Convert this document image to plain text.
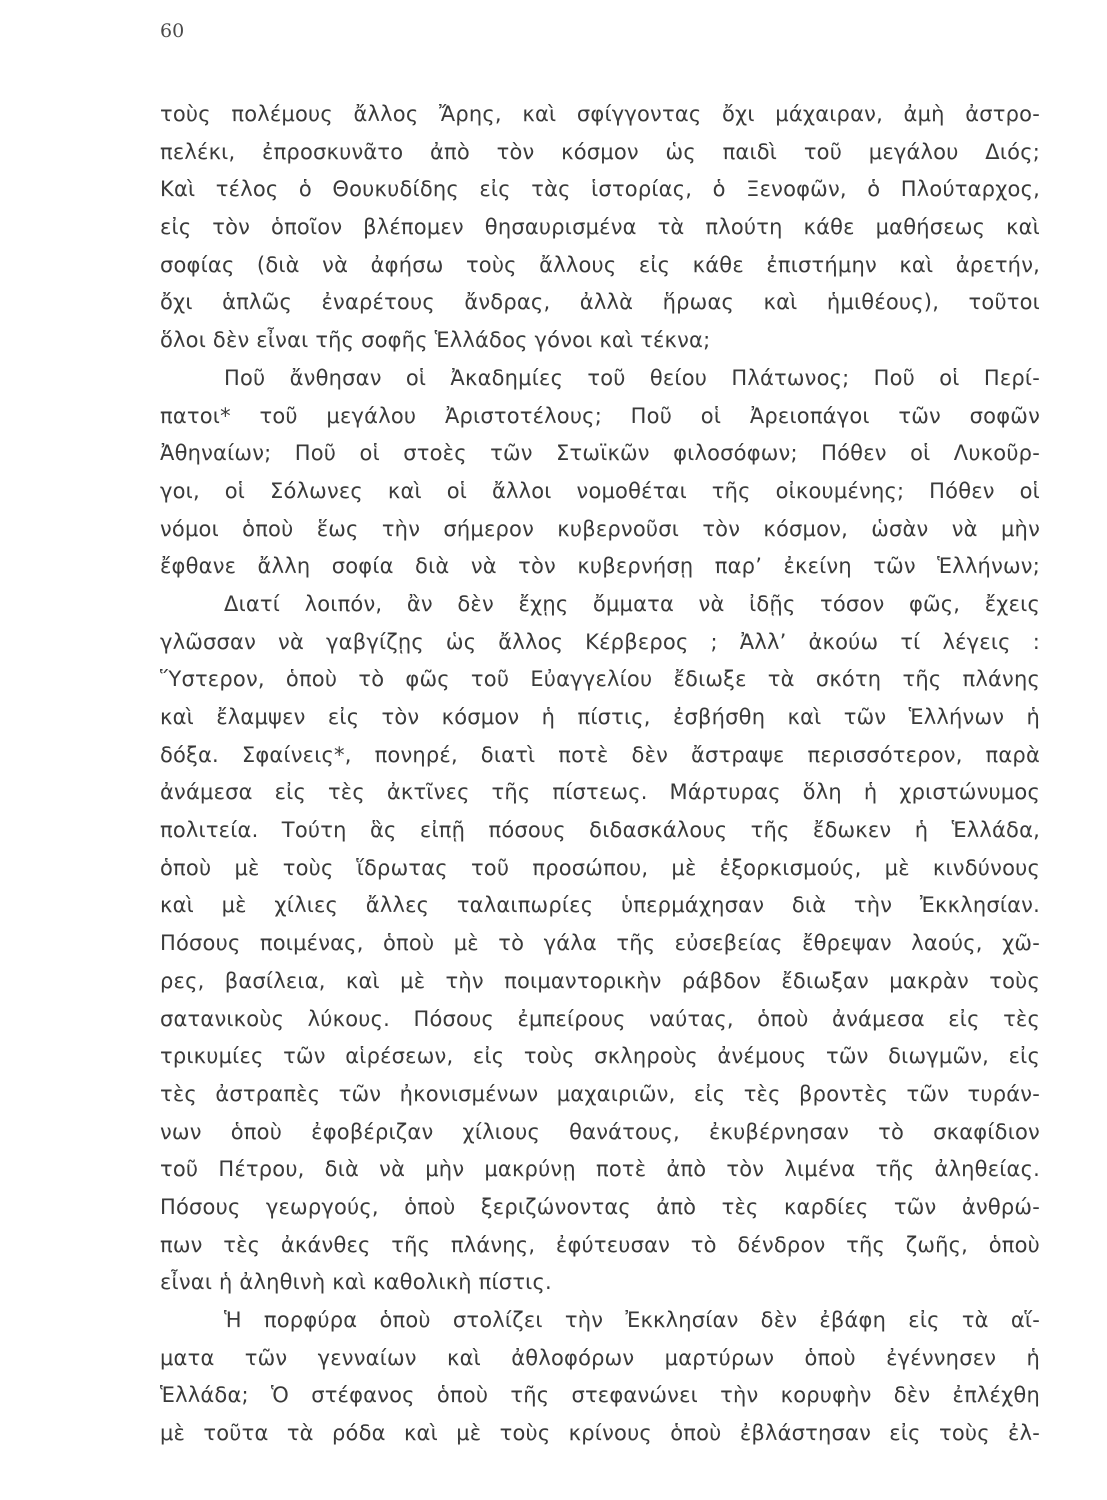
60
τοὺς πολέμους ἄλλος Ἄρης, καὶ σφίγγοντας ὄχι μάχαιραν, ἀμὴ ἀστρο-
πελέκι, ἐπροσκυνᾶτο ἀπὸ τὸν κόσμον ὡς παιδὶ τοῦ μεγάλου Διός;
Καὶ τέλος ὁ Θουκυδίδης εἰς τὰς ἱστορίας, ὁ Ξενοφῶν, ὁ Πλούταρχος,
εἰς τὸν ὁποῖον βλέπομεν θησαυρισμένα τὰ πλούτη κάθε μαθήσεως καὶ
σοφίας (διὰ νὰ ἀφήσω τοὺς ἄλλους εἰς κάθε ἐπιστήμην καὶ ἀρετήν,
ὄχι ἁπλῶς ἐναρέτους ἄνδρας, ἀλλὰ ἥρωας καὶ ἡμιθέους), τοῦτοι
ὅλοι δὲν εἶναι τῆς σοφῆς Ἑλλάδος γόνοι καὶ τέκνα;
Ποῦ ἄνθησαν οἱ Ἀκαδημίες τοῦ θείου Πλάτωνος; Ποῦ οἱ Περί-
πατοι* τοῦ μεγάλου Ἀριστοτέλους; Ποῦ οἱ Ἀρειοπάγοι τῶν σοφῶν
Ἀθηναίων; Ποῦ οἱ στοὲς τῶν Στωϊκῶν φιλοσόφων; Πόθεν οἱ Λυκοῦρ-
γοι, οἱ Σόλωνες καὶ οἱ ἄλλοι νομοθέται τῆς οἰκουμένης; Πόθεν οἱ
νόμοι ὁποὺ ἕως τὴν σήμερον κυβερνοῦσι τὸν κόσμον, ὡσὰν νὰ μὴν
ἔφθανε ἄλλη σοφία διὰ νὰ τὸν κυβερνήσῃ παρ’ ἐκείνη τῶν Ἑλλήνων;
Διατί λοιπόν, ἂν δὲν ἔχῃς ὄμματα νὰ ἰδῇς τόσον φῶς, ἔχεις
γλῶσσαν νὰ γαβγίζῃς ὡς ἄλλος Κέρβερος ; Ἀλλ’ ἀκούω τί λέγεις :
Ὕστερον, ὁποὺ τὸ φῶς τοῦ Εὐαγγελίου ἔδιωξε τὰ σκότη τῆς πλάνης
καὶ ἔλαμψεν εἰς τὸν κόσμον ἡ πίστις, ἐσβήσθη καὶ τῶν Ἑλλήνων ἡ
δόξα. Σφαίνεις*, πονηρέ, διατὶ ποτὲ δὲν ἄστραψε περισσότερον, παρὰ
ἀνάμεσα εἰς τὲς ἀκτῖνες τῆς πίστεως. Μάρτυρας ὅλη ἡ χριστώνυμος
πολιτεία. Τούτη ἃς εἰπῇ πόσους διδασκάλους τῆς ἔδωκεν ἡ Ἑλλάδα,
ὁποὺ μὲ τοὺς ἵδρωτας τοῦ προσώπου, μὲ ἐξορκισμούς, μὲ κινδύνους
καὶ μὲ χίλιες ἄλλες ταλαιπωρίες ὑπερμάχησαν διὰ τὴν Ἐκκλησίαν.
Πόσους ποιμένας, ὁποὺ μὲ τὸ γάλα τῆς εὐσεβείας ἔθρεψαν λαούς, χῶ-
ρες, βασίλεια, καὶ μὲ τὴν ποιμαντορικὴν ράβδον ἔδιωξαν μακρὰν τοὺς
σατανικοὺς λύκους. Πόσους ἐμπείρους ναύτας, ὁποὺ ἀνάμεσα εἰς τὲς
τρικυμίες τῶν αἱρέσεων, εἰς τοὺς σκληροὺς ἀνέμους τῶν διωγμῶν, εἰς
τὲς ἀστραπὲς τῶν ἠκονισμένων μαχαιριῶν, εἰς τὲς βροντὲς τῶν τυράν-
νων ὁποὺ ἐφοβέριζαν χίλιους θανάτους, ἐκυβέρνησαν τὸ σκαφίδιον
τοῦ Πέτρου, διὰ νὰ μὴν μακρύνῃ ποτὲ ἀπὸ τὸν λιμένα τῆς ἀληθείας.
Πόσους γεωργούς, ὁποὺ ξεριζώνοντας ἀπὸ τὲς καρδίες τῶν ἀνθρώ-
πων τὲς ἀκάνθες τῆς πλάνης, ἐφύτευσαν τὸ δένδρον τῆς ζωῆς, ὁποὺ
εἶναι ἡ ἀληθινὴ καὶ καθολικὴ πίστις.
Ἡ πορφύρα ὁποὺ στολίζει τὴν Ἐκκλησίαν δὲν ἐβάφη εἰς τὰ αἵ-
ματα τῶν γενναίων καὶ ἀθλοφόρων μαρτύρων ὁποὺ ἐγέννησεν ἡ
Ἑλλάδα; Ὁ στέφανος ὁποὺ τῆς στεφανώνει τὴν κορυφὴν δὲν ἐπλέχθη
μὲ τοῦτα τὰ ρόδα καὶ μὲ τοὺς κρίνους ὁποὺ ἐβλάστησαν εἰς τοὺς ἐλ-
